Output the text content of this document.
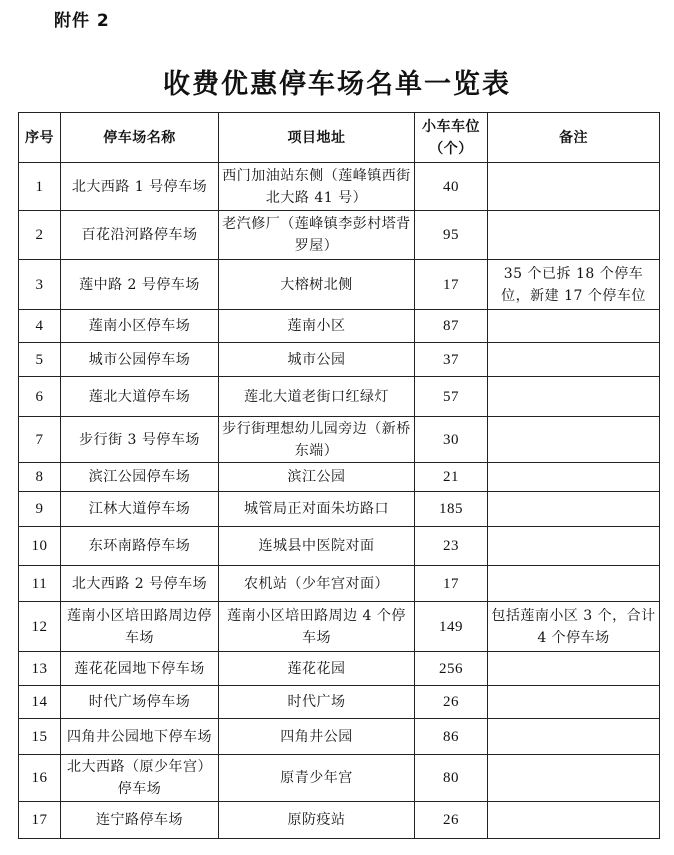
附件 2
收费优惠停车场名单一览表
序号	停车场名称	项目地址	小车车位（个）	备注
1	北大西路 1 号停车场	西门加油站东侧（莲峰镇西街北大路 41 号）	40	
2	百花沿河路停车场	老汽修厂（莲峰镇李彭村塔背罗屋）	95	
3	莲中路 2 号停车场	大榕树北侧	17	35 个已拆 18 个停车位，新建 17 个停车位
4	莲南小区停车场	莲南小区	87	
5	城市公园停车场	城市公园	37	
6	莲北大道停车场	莲北大道老街口红绿灯	57	
7	步行街 3 号停车场	步行街理想幼儿园旁边（新桥东端）	30	
8	滨江公园停车场	滨江公园	21	
9	江林大道停车场	城管局正对面朱坊路口	185	
10	东环南路停车场	连城县中医院对面	23	
11	北大西路 2 号停车场	农机站（少年宫对面）	17	
12	莲南小区培田路周边停车场	莲南小区培田路周边 4 个停车场	149	包括莲南小区 3 个，合计 4 个停车场
13	莲花花园地下停车场	莲花花园	256	
14	时代广场停车场	时代广场	26	
15	四角井公园地下停车场	四角井公园	86	
16	北大西路（原少年宫）停车场	原青少年宫	80	
17	连宁路停车场	原防疫站	26	
